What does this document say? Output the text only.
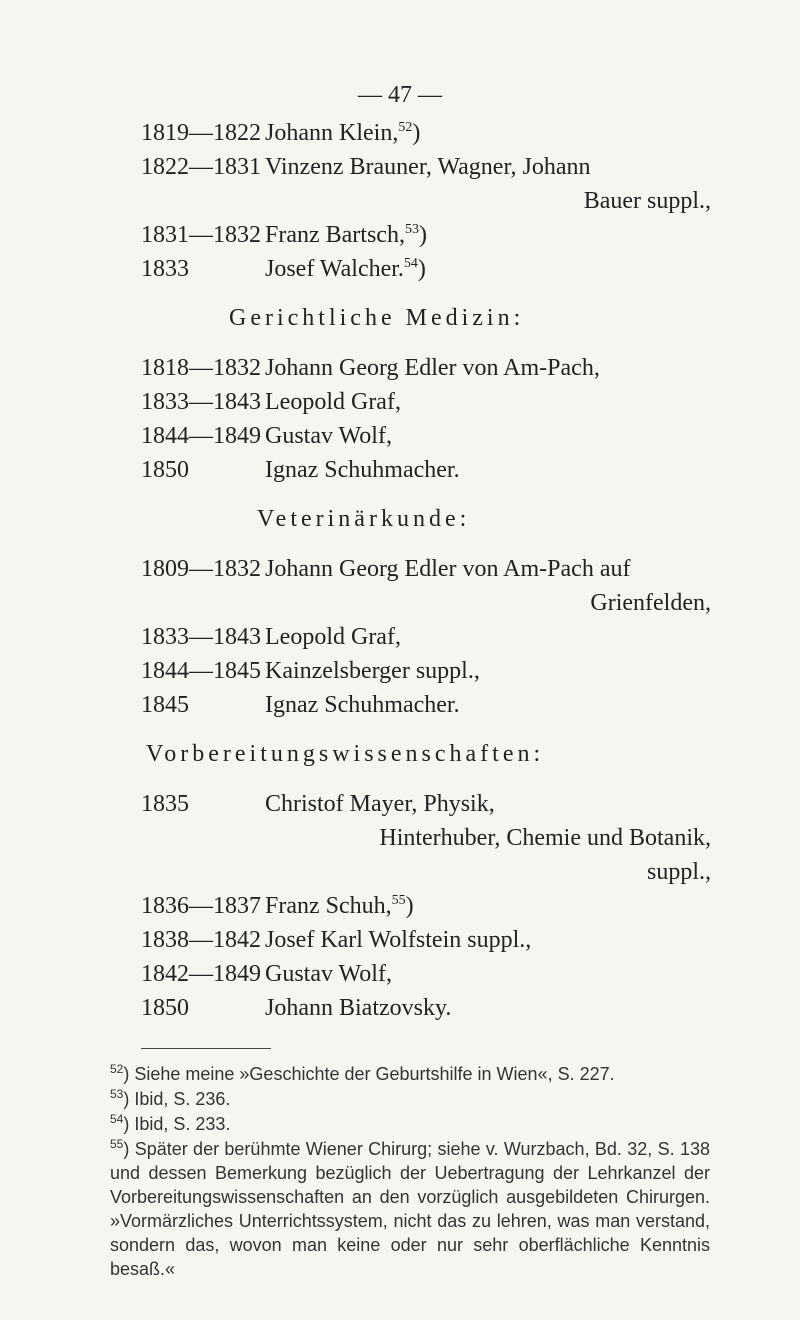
— 47 —
1819—1822 Johann Klein,$^{52}$)
1822—1831 Vinzenz Brauner, Wagner, Johann
Bauer suppl.,
1831—1832 Franz Bartsch,$^{53}$)
1833	Josef Walcher.$^{54}$)
Gerichtliche Medizin:
1818—1832 Johann Georg Edler von Am-Pach,
1833—1843 Leopold Graf,
1844—1849 Gustav Wolf,
1850	Ignaz Schuhmacher.
Veterinärkunde:
1809—1832 Johann Georg Edler von Am-Pach auf
Grienfelden,
1833—1843 Leopold Graf,
1844—1845 Kainzelsberger suppl.,
1845	Ignaz Schuhmacher.
Vorbereitungswissenschaften:
1835	Christof Mayer, Physik,
Hinterhuber, Chemie und Botanik,
suppl.,
1836—1837 Franz Schuh,$^{55}$)
1838—1842 Josef Karl Wolfstein suppl.,
1842—1849 Gustav Wolf,
1850	Johann Biatzovsky.
$^{52}$) Siehe meine »Geschichte der Geburtshilfe in Wien«, S. 227.
$^{53}$) Ibid, S. 236.
$^{54}$) Ibid, S. 233.
$^{55}$) Später der berühmte Wiener Chirurg; siehe v. Wurzbach, Bd. 32, S. 138 und dessen Bemerkung bezüglich der Uebertragung der Lehrkanzel der Vorbereitungswissenschaften an den vorzüglich ausgebildeten Chirurgen. »Vormärzliches Unterrichtssystem, nicht das zu lehren, was man verstand, sondern das, wovon man keine oder nur sehr oberflächliche Kenntnis besaß.«
